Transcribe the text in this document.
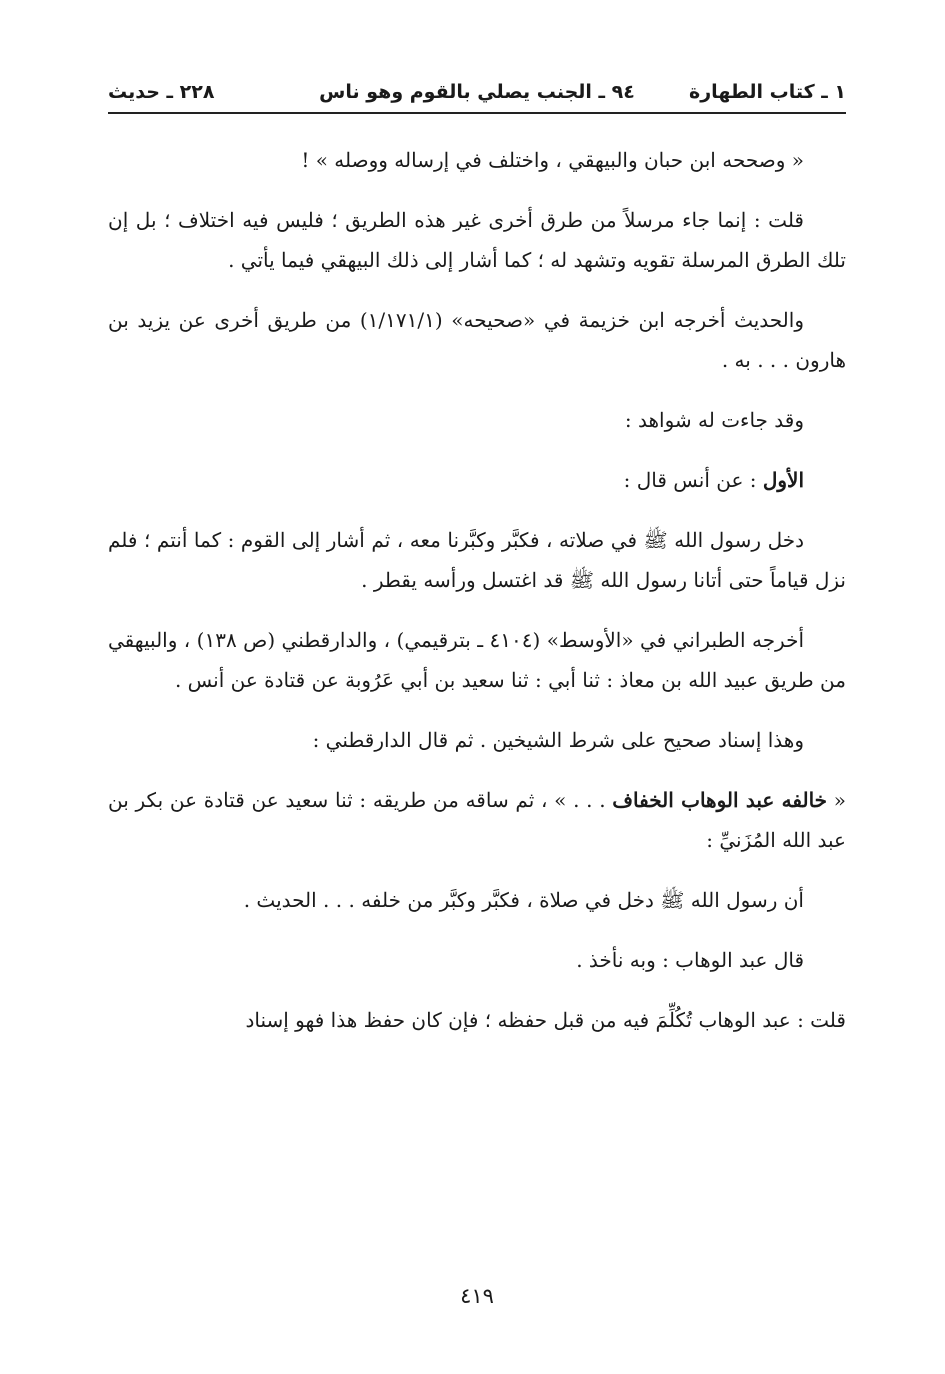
١ ـ كتاب الطهارة
٩٤ ـ الجنب يصلي بالقوم وهو ناس
٢٢٨ ـ حديث

« وصححه ابن حبان والبيهقي ، واختلف في إرساله ووصله » !

قلت : إنما جاء مرسلاً من طرق أخرى غير هذه الطريق ؛ فليس فيه اختلاف ؛ بل إن تلك الطرق المرسلة تقويه وتشهد له ؛ كما أشار إلى ذلك البيهقي فيما يأتي .

والحديث أخرجه ابن خزيمة في «صحيحه» (١/١٧١/١) من طريق أخرى عن يزيد بن هارون . . . به .

وقد جاءت له شواهد :

الأول : عن أنس قال :

دخل رسول الله ﷺ في صلاته ، فكبَّر وكبَّرنا معه ، ثم أشار إلى القوم : كما أنتم ؛ فلم نزل قياماً حتى أتانا رسول الله ﷺ قد اغتسل ورأسه يقطر .

أخرجه الطبراني في «الأوسط» (٤١٠٤ ـ بترقيمي) ، والدارقطني (ص ١٣٨) ، والبيهقي من طريق عبيد الله بن معاذ : ثنا أبي : ثنا سعيد بن أبي عَرُوبة عن قتادة عن أنس .

وهذا إسناد صحيح على شرط الشيخين . ثم قال الدارقطني :

« خالفه عبد الوهاب الخفاف . . . » ، ثم ساقه من طريقه : ثنا سعيد عن قتادة عن بكر بن عبد الله المُزَنيِّ :

أن رسول الله ﷺ دخل في صلاة ، فكبَّر وكبَّر من خلفه . . . الحديث .

قال عبد الوهاب : وبه نأخذ .

قلت : عبد الوهاب تُكُلِّمَ فيه من قبل حفظه ؛ فإن كان حفظ هذا فهو إسناد

٤١٩
